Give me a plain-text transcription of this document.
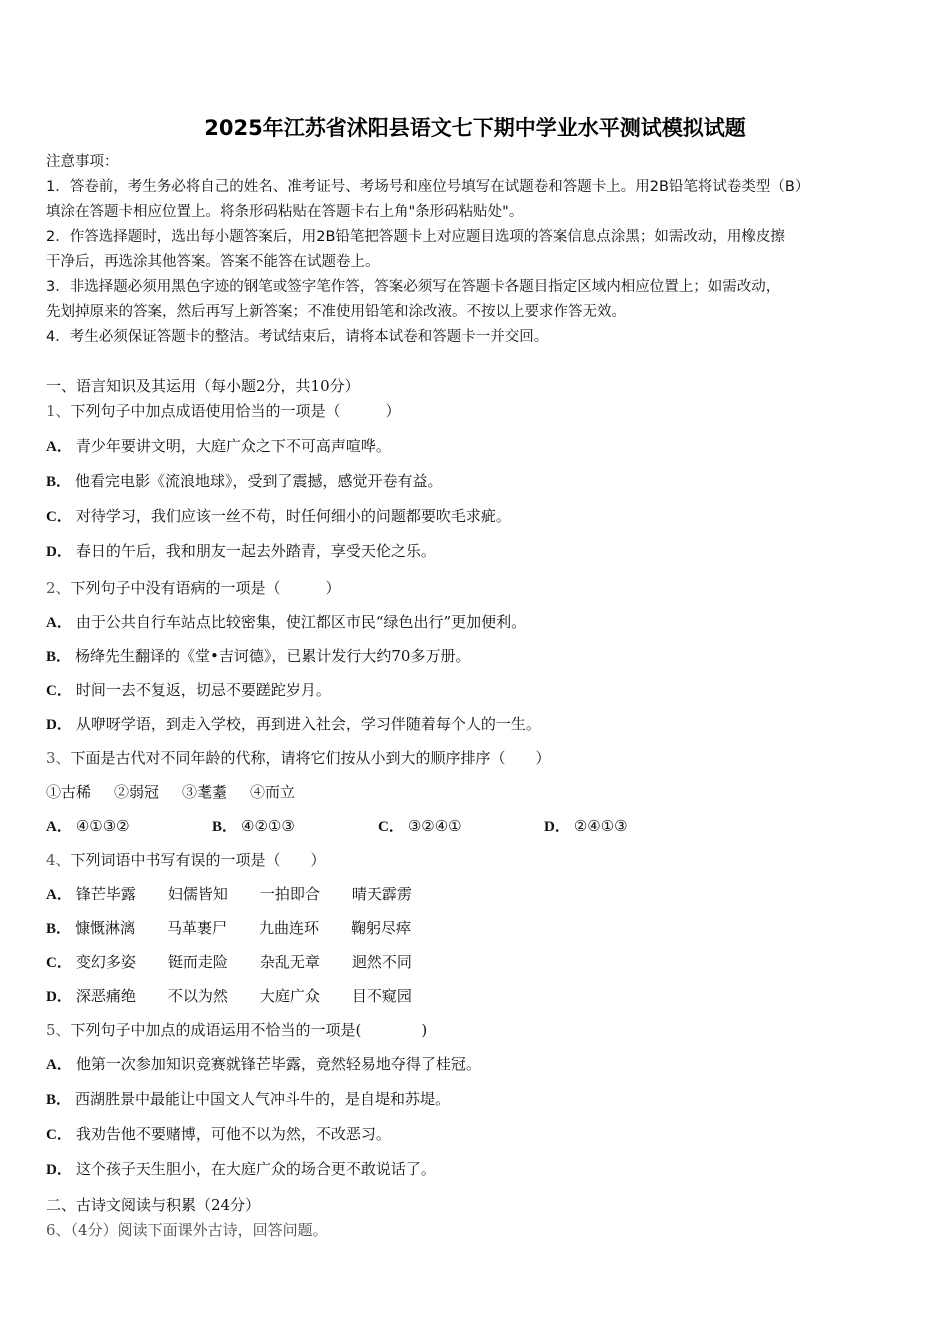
2025年江苏省沭阳县语文七下期中学业水平测试模拟试题
注意事项：
1．答卷前，考生务必将自己的姓名、准考证号、考场号和座位号填写在试题卷和答题卡上。用2B铅笔将试卷类型（B）
填涂在答题卡相应位置上。将条形码粘贴在答题卡右上角"条形码粘贴处"。
2．作答选择题时，选出每小题答案后，用2B铅笔把答题卡上对应题目选项的答案信息点涂黑；如需改动，用橡皮擦
干净后，再选涂其他答案。答案不能答在试题卷上。
3．非选择题必须用黑色字迹的钢笔或签字笔作答，答案必须写在答题卡各题目指定区域内相应位置上；如需改动，
先划掉原来的答案，然后再写上新答案；不准使用铅笔和涂改液。不按以上要求作答无效。
4．考生必须保证答题卡的整洁。考试结束后，请将本试卷和答题卡一并交回。
一、语言知识及其运用（每小题2分，共10分）
1、下列句子中加点成语使用恰当的一项是（　　　）
A． 青少年要讲文明，大庭广众之下不可高声喧哗。
B． 他看完电影《流浪地球》，受到了震撼，感觉开卷有益。
C． 对待学习，我们应该一丝不苟，时任何细小的问题都要吹毛求疵。
D． 春日的午后，我和朋友一起去外踏青，享受天伦之乐。
2、下列句子中没有语病的一项是（　　　）
A． 由于公共自行车站点比较密集，使江都区市民“绿色出行”更加便利。
B． 杨绛先生翻译的《堂•吉诃德》，已累计发行大约70多万册。
C． 时间一去不复返，切忌不要蹉跎岁月。
D． 从咿呀学语，到走入学校，再到进入社会，学习伴随着每个人的一生。
3、下面是古代对不同年龄的代称，请将它们按从小到大的顺序排序（　　）
①古稀 ②弱冠 ③耄耋 ④而立
A． ④①③②	B． ④②①③	C． ③②④①	D． ②④①③
4、下列词语中书写有误的一项是（　　）
A． 锋芒毕露 妇儒皆知 一拍即合 晴天霹雳
B． 慷慨淋漓 马革裹尸 九曲连环 鞠躬尽瘁
C． 变幻多姿 铤而走险 杂乱无章 迥然不同
D． 深恶痛绝 不以为然 大庭广众 目不窥园
5、下列句子中加点的成语运用不恰当的一项是(　　　　)
A． 他第一次参加知识竞赛就锋芒毕露，竟然轻易地夺得了桂冠。
B． 西湖胜景中最能让中国文人气冲斗牛的，是自堤和苏堤。
C． 我劝告他不要赌博，可他不以为然，不改恶习。
D． 这个孩子天生胆小，在大庭广众的场合更不敢说话了。
二、古诗文阅读与积累（24分）
6、（4分）阅读下面课外古诗，回答问题。
